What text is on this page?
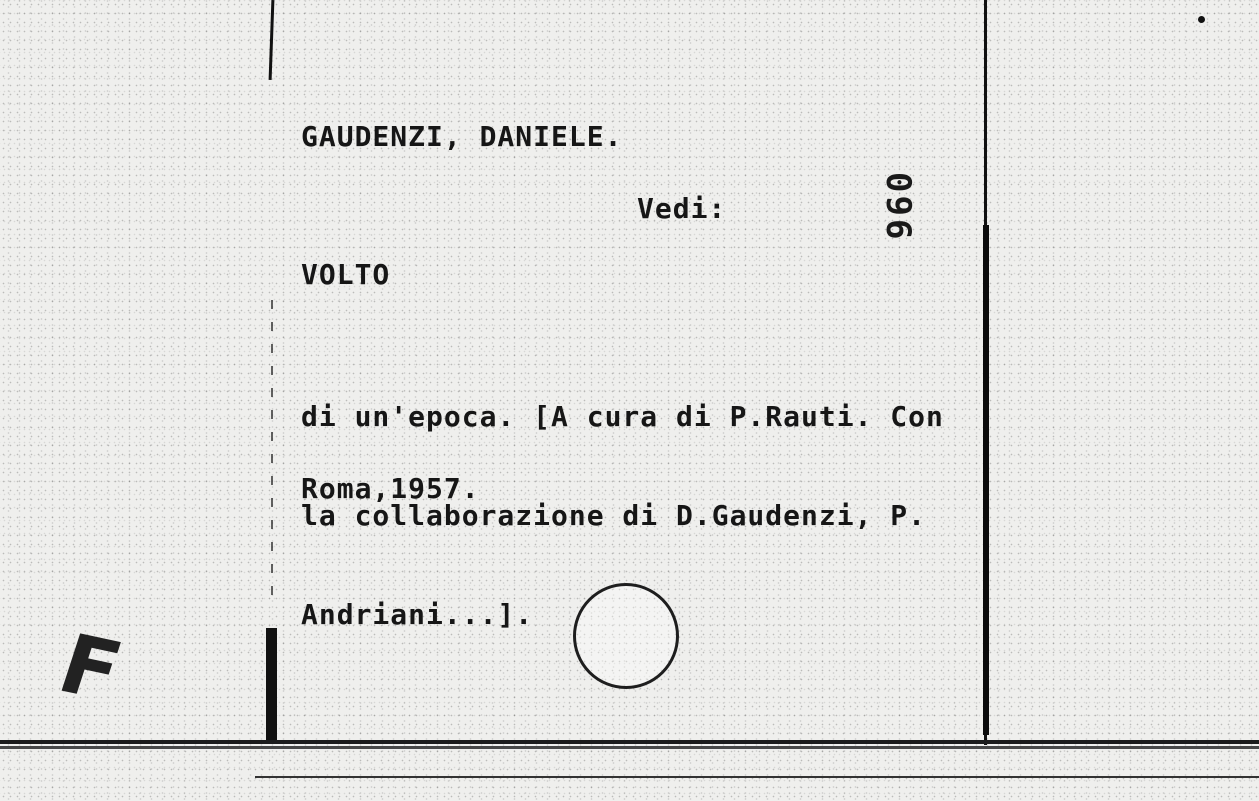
GAUDENZI, DANIELE.

096

Vedi:

VOLTO

di un'epoca. [A cura di P.Rauti. Con

la collaborazione di D.Gaudenzi, P.

Andriani...].

Roma,1957.

F
